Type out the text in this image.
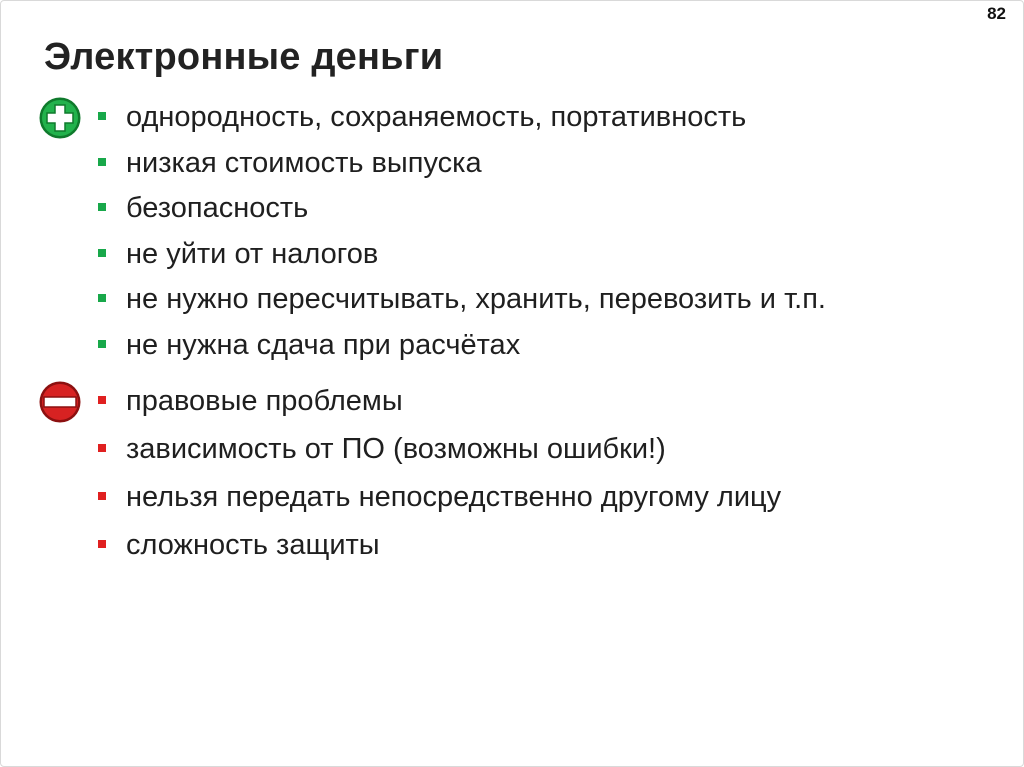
82
Электронные деньги
однородность, сохраняемость, портативность
низкая стоимость выпуска
безопасность
не уйти от налогов
не нужно пересчитывать, хранить, перевозить и т.п.
не нужна сдача при расчётах
правовые проблемы
зависимость от ПО (возможны ошибки!)
нельзя передать непосредственно другому лицу
сложность защиты
